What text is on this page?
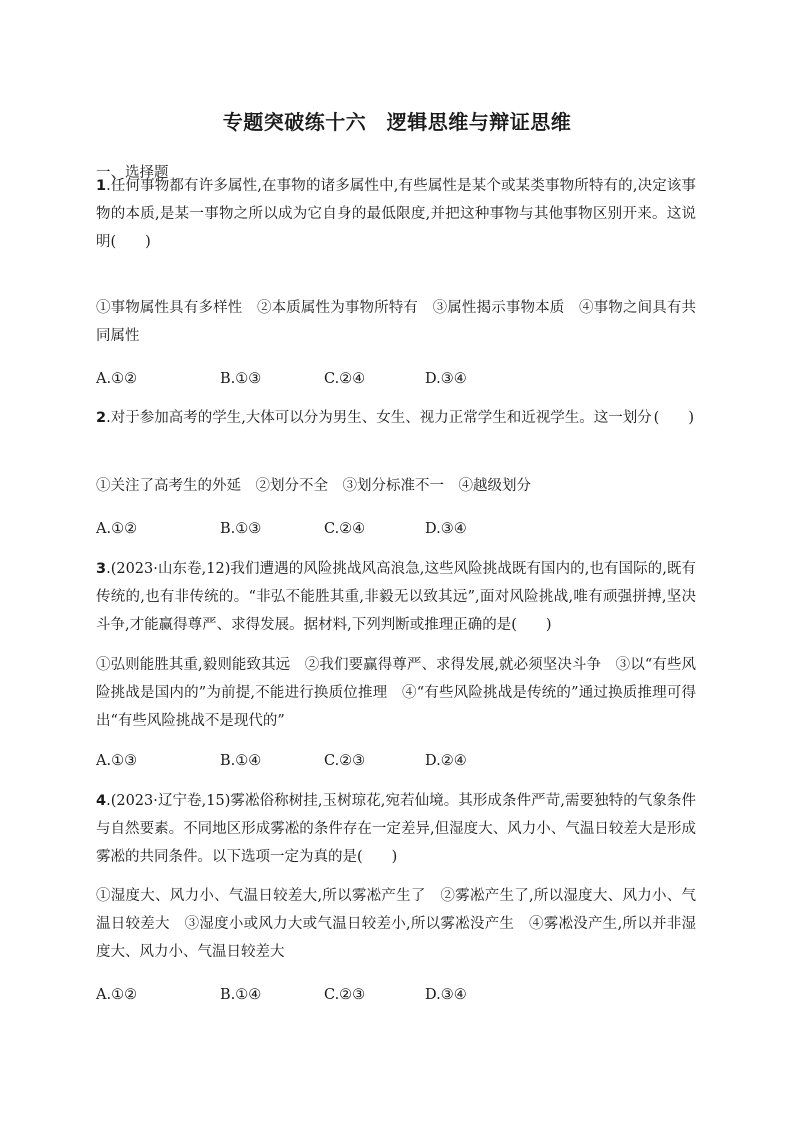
专题突破练十六　逻辑思维与辩证思维
一、选择题
1.任何事物都有许多属性,在事物的诸多属性中,有些属性是某个或某类事物所特有的,决定该事物的本质,是某一事物之所以成为它自身的最低限度,并把这种事物与其他事物区别开来。这说明(　　)
①事物属性具有多样性　②本质属性为事物所特有　③属性揭示事物本质　④事物之间具有共同属性
A.①②	B.①③	C.②④	D.③④
2.对于参加高考的学生,大体可以分为男生、女生、视力正常学生和近视学生。这一划分 (　　)
①关注了高考生的外延　②划分不全　③划分标准不一　④越级划分
A.①②	B.①③	C.②④	D.③④
3.(2023·山东卷,12)我们遭遇的风险挑战风高浪急,这些风险挑战既有国内的,也有国际的,既有传统的,也有非传统的。“非弘不能胜其重,非毅无以致其远”,面对风险挑战,唯有顽强拼搏,坚决斗争,才能赢得尊严、求得发展。据材料,下列判断或推理正确的是(　　)
①弘则能胜其重,毅则能致其远　②我们要赢得尊严、求得发展,就必须坚决斗争　③以“有些风险挑战是国内的”为前提,不能进行换质位推理　④“有些风险挑战是传统的”通过换质推理可得出“有些风险挑战不是现代的”
A.①③	B.①④	C.②③	D.②④
4.(2023·辽宁卷,15)雾凇俗称树挂,玉树琼花,宛若仙境。其形成条件严苛,需要独特的气象条件与自然要素。不同地区形成雾凇的条件存在一定差异,但湿度大、风力小、气温日较差大是形成雾凇的共同条件。以下选项一定为真的是(　　)
①湿度大、风力小、气温日较差大,所以雾凇产生了　②雾凇产生了,所以湿度大、风力小、气温日较差大　③湿度小或风力大或气温日较差小,所以雾凇没产生　④雾凇没产生,所以并非湿度大、风力小、气温日较差大
A.①②	B.①④	C.②③	D.③④
